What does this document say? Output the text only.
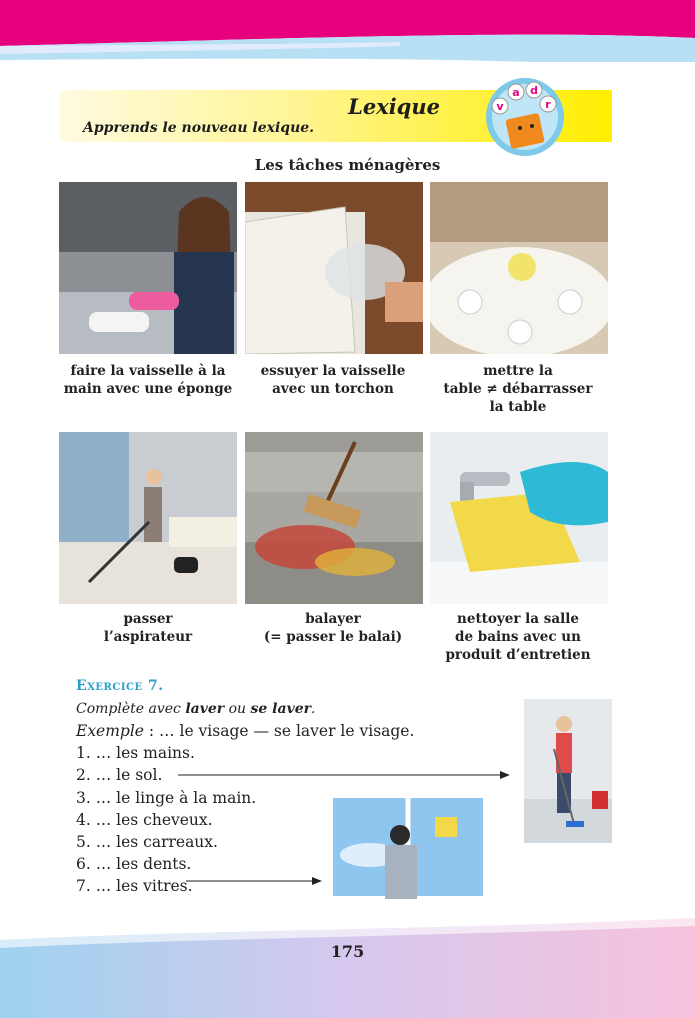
Lexique
Apprends le nouveau lexique.
v
a d
r
Les tâches ménagères
faire la vaisselle à la
main avec une éponge
essuyer la vaisselle
avec un torchon
mettre la
table ≠ débarrasser
la table
passer
l’aspirateur
balayer
(= passer le balai)
nettoyer la salle
de bains avec un
produit d’entretien
Exercice 7.
Complète avec laver ou se laver.
Exemple : … le visage — se laver le visage.
1. … les mains.
2. … le sol.
3. … le linge à la main.
4. … les cheveux.
5. … les carreaux.
6. … les dents.
7. … les vitres.
175
